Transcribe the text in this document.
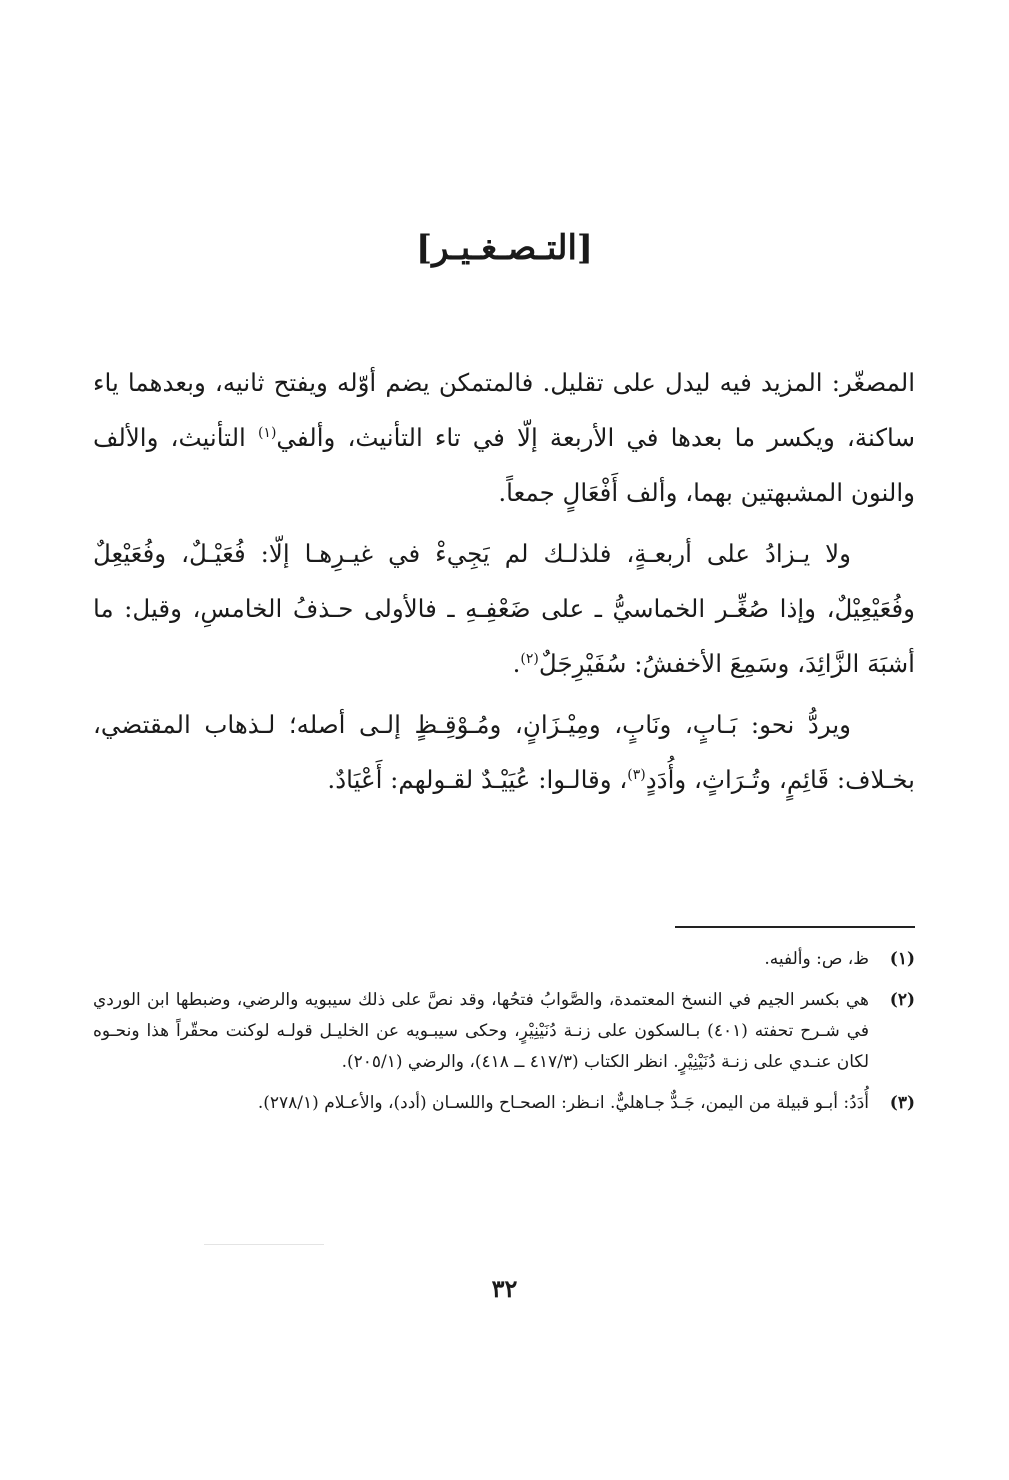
[التـصـغـيـر]

المصغّر: المزيد فيه ليدل على تقليل. فالمتمكن يضم أوّله ويفتح ثانيه، وبعدهما ياء ساكنة، ويكسر ما بعدها في الأربعة إلّا في تاء التأنيث، وألفي$^{(١)}$ التأنيث، والألف والنون المشبهتين بهما، وألف أَفْعَالٍ جمعاً.

ولا يـزادُ على أربعـةٍ، فلذلـك لم يَجِيءْ في غيـرِهـا إلّا: فُعَيْـلٌ، وفُعَيْعِلٌ وفُعَيْعِيْلٌ، وإذا صُغِّـر الخماسيُّ ـ على ضَعْفِـهِ ـ فالأولى حـذفُ الخامسِ، وقيل: ما أشبَهَ الزَّائِدَ، وسَمِعَ الأخفشُ: سُفَيْرِجَلٌ$^{(٢)}$.

ويردُّ نحو: بَـابٍ، ونَابٍ، ومِيْـزَانٍ، ومُـوْقِـظٍ إلـى أصله؛ لـذهاب المقتضي، بخـلاف: قَائِمٍ، وتُـرَاثٍ، وأُدَدٍ$^{(٣)}$، وقالـوا: عُيَيْـدٌ لقـولهم: أَعْيَادٌ.

(١)
ظ، ص: وألفيه.
(٢)
هي بكسر الجيم في النسخ المعتمدة، والصَّوابُ فتحُها، وقد نصَّ على ذلك سيبويه والرضي، وضبطها ابن الوردي في شـرح تحفته (٤٠١) بـالسكون على زنـة دُنَيْنِيْرٍ، وحكى سيبـويه عن الخليـل قولـه لوكنت محقّراً هذا ونحـوه لكان عنـدي على زنـة دُنَيْنِيْرٍ. انظر الكتاب (٤١٧/٣ ــ ٤١٨)، والرضي (٢٠٥/١).
(٣)
أُدَدُ: أبـو قبيلة من اليمن، جَـدٌّ جـاهليٌّ. انـظر: الصحـاح واللسـان (أدد)، والأعـلام (٢٧٨/١).
٣٢
